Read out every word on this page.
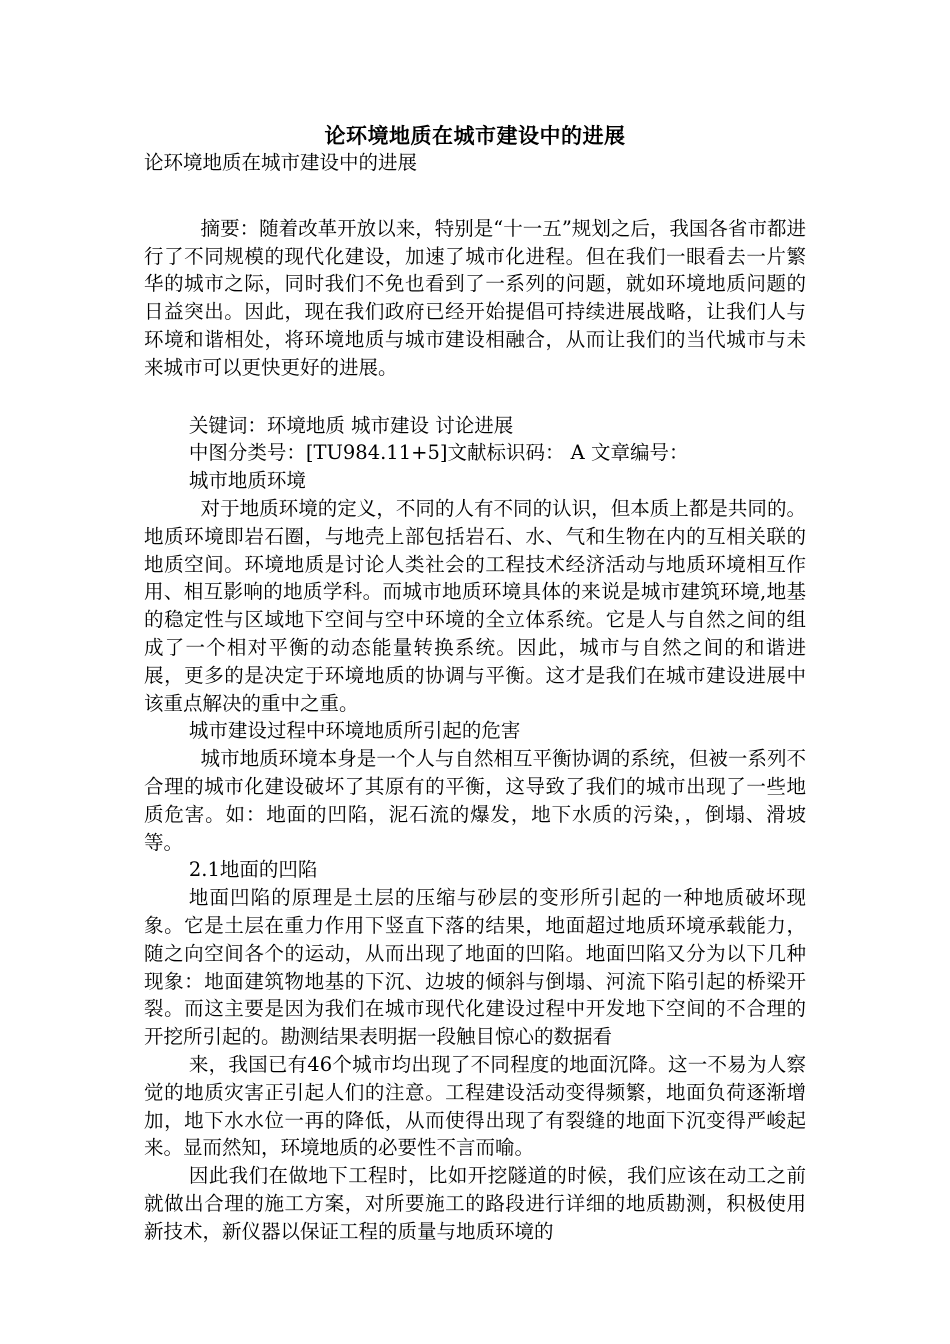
论环境地质在城市建设中的进展

论环境地质在城市建设中的进展

摘要：随着改革开放以来，特别是“十一五”规划之后，我国各省市都进行了不同规模的现代化建设，加速了城市化进程。但在我们一眼看去一片繁华的城市之际，同时我们不免也看到了一系列的问题，就如环境地质问题的日益突出。因此，现在我们政府已经开始提倡可持续进展战略，让我们人与环境和谐相处，将环境地质与城市建设相融合，从而让我们的当代城市与未来城市可以更快更好的进展。

关键词：环境地质 城市建设 讨论进展

中图分类号：[TU984.11+5]文献标识码： A 文章编号：

城市地质环境

对于地质环境的定义，不同的人有不同的认识，但本质上都是共同的。地质环境即岩石圈，与地壳上部包括岩石、水、气和生物在内的互相关联的地质空间。环境地质是讨论人类社会的工程技术经济活动与地质环境相互作用、相互影响的地质学科。而城市地质环境具体的来说是城市建筑环境,地基的稳定性与区域地下空间与空中环境的全立体系统。它是人与自然之间的组成了一个相对平衡的动态能量转换系统。因此，城市与自然之间的和谐进展，更多的是决定于环境地质的协调与平衡。这才是我们在城市建设进展中该重点解决的重中之重。

城市建设过程中环境地质所引起的危害

城市地质环境本身是一个人与自然相互平衡协调的系统，但被一系列不合理的城市化建设破坏了其原有的平衡，这导致了我们的城市出现了一些地质危害。如：地面的凹陷，泥石流的爆发，地下水质的污染，，倒塌、滑坡等。

2.1地面的凹陷

地面凹陷的原理是土层的压缩与砂层的变形所引起的一种地质破坏现象。它是土层在重力作用下竖直下落的结果，地面超过地质环境承载能力，随之向空间各个的运动，从而出现了地面的凹陷。地面凹陷又分为以下几种现象：地面建筑物地基的下沉、边坡的倾斜与倒塌、河流下陷引起的桥梁开裂。而这主要是因为我们在城市现代化建设过程中开发地下空间的不合理的开挖所引起的。勘测结果表明据一段触目惊心的数据看

来，我国已有46个城市均出现了不同程度的地面沉降。这一不易为人察觉的地质灾害正引起人们的注意。工程建设活动变得频繁，地面负荷逐渐增加，地下水水位一再的降低，从而使得出现了有裂缝的地面下沉变得严峻起来。显而然知，环境地质的必要性不言而喻。

因此我们在做地下工程时，比如开挖隧道的时候，我们应该在动工之前就做出合理的施工方案，对所要施工的路段进行详细的地质勘测，积极使用新技术，新仪器以保证工程的质量与地质环境的
